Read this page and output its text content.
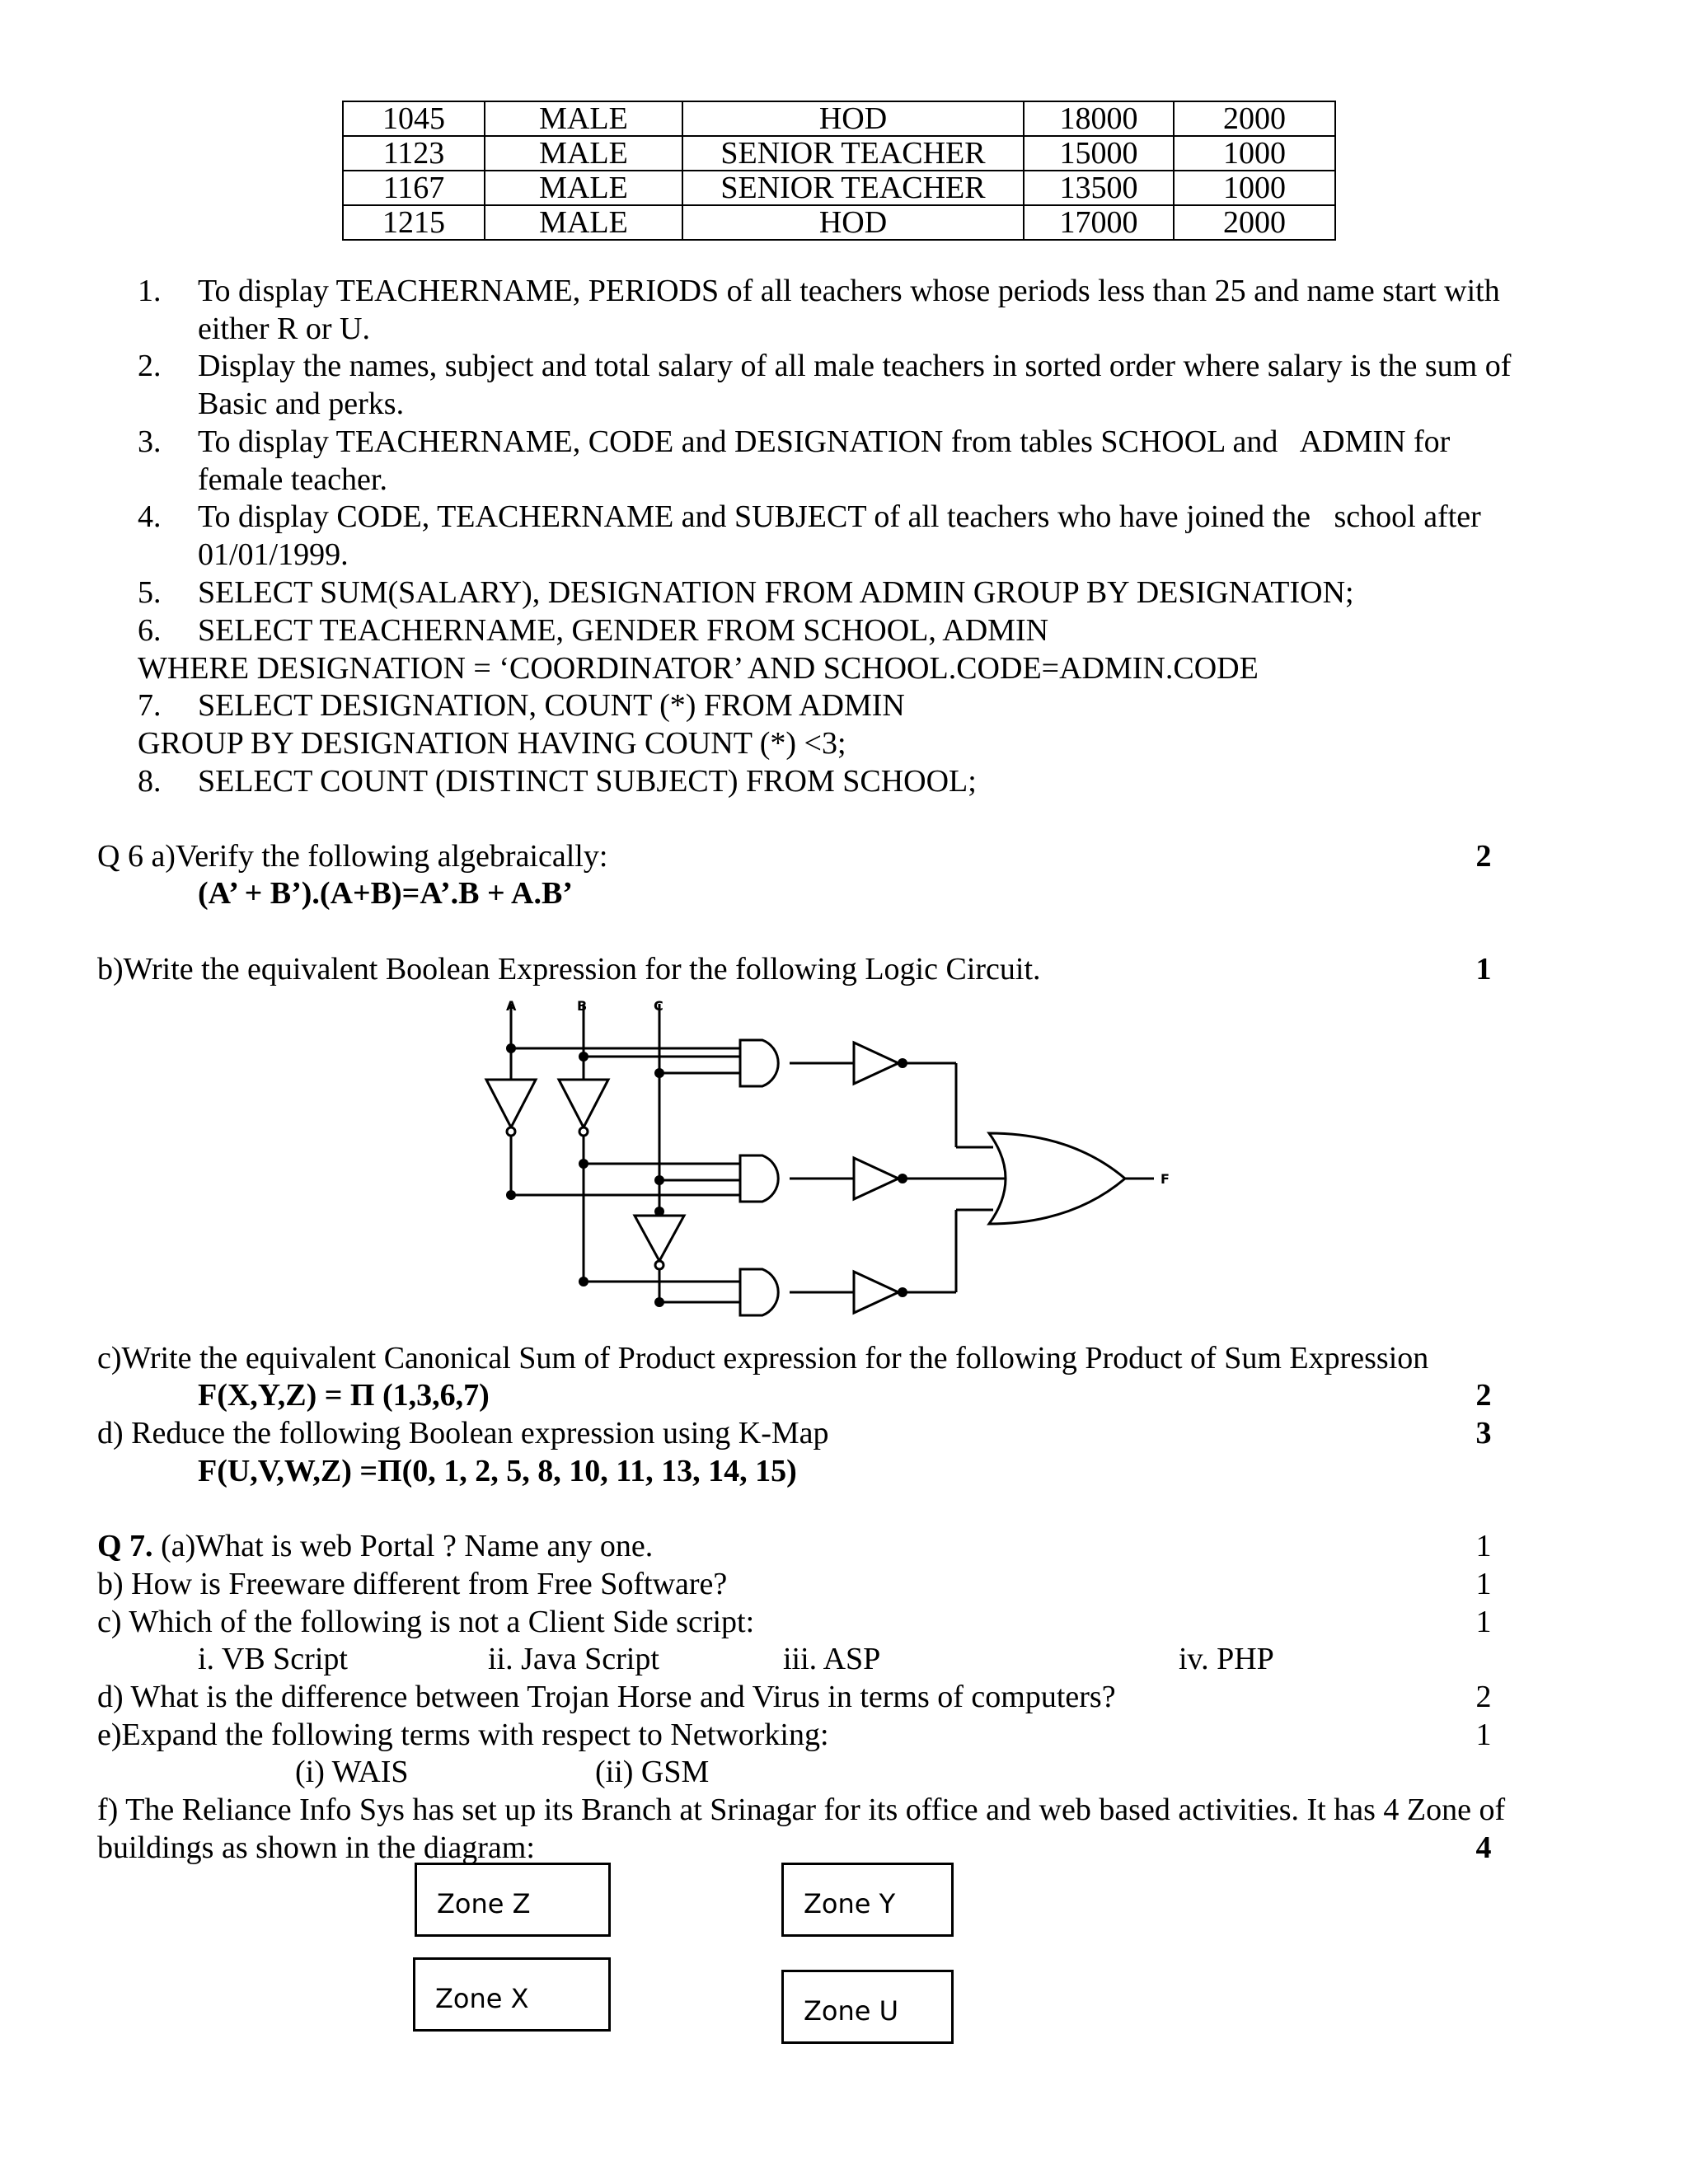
1045	MALE	HOD	18000	2000
1123	MALE	SENIOR TEACHER	15000	1000
1167	MALE	SENIOR TEACHER	13500	1000
1215	MALE	HOD	17000	2000
1. To display TEACHERNAME, PERIODS of all teachers whose periods less than 25 and name start with
either R or U.
2. Display the names, subject and total salary of all male teachers in sorted order where salary is the sum of
Basic and perks.
3. To display TEACHERNAME, CODE and DESIGNATION from tables SCHOOL and   ADMIN for
female teacher.
4. To display CODE, TEACHERNAME and SUBJECT of all teachers who have joined the   school after
01/01/1999.
5. SELECT SUM(SALARY), DESIGNATION FROM ADMIN GROUP BY DESIGNATION;
6. SELECT TEACHERNAME, GENDER FROM SCHOOL, ADMIN
WHERE DESIGNATION = ‘COORDINATOR’ AND SCHOOL.CODE=ADMIN.CODE
7. SELECT DESIGNATION, COUNT (*) FROM ADMIN
GROUP BY DESIGNATION HAVING COUNT (*) <3;
8. SELECT COUNT (DISTINCT SUBJECT) FROM SCHOOL;
Q 6 a)Verify the following algebraically:	2
(A’ + B’).(A+B)=A’.B + A.B’
b)Write the equivalent Boolean Expression for the following Logic Circuit.	1
A	B	C
F
c)Write the equivalent Canonical Sum of Product expression for the following Product of Sum Expression
F(X,Y,Z) = Π (1,3,6,7)	2
d) Reduce the following Boolean expression using K-Map	3
F(U,V,W,Z) =Π(0, 1, 2, 5, 8, 10, 11, 13, 14, 15)
Q 7. (a)What is web Portal ? Name any one.	1
b) How is Freeware different from Free Software?	1
c) Which of the following is not a Client Side script:	1
i. VB Script	ii. Java Script	iii. ASP	iv. PHP
d) What is the difference between Trojan Horse and Virus in terms of computers?	2
e)Expand the following terms with respect to Networking:	1
(i) WAIS	(ii) GSM
f) The Reliance Info Sys has set up its Branch at Srinagar for its office and web based activities. It has 4 Zone of
buildings as shown in the diagram:	4
Zone Z	Zone Y
Zone X	Zone U
